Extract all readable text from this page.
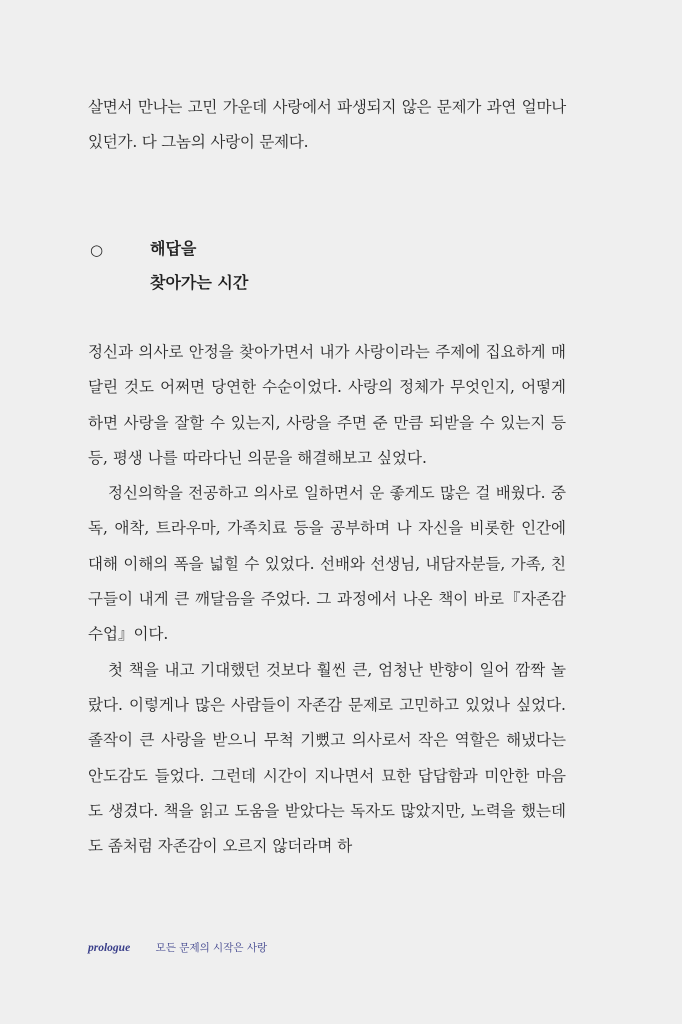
살면서 만나는 고민 가운데 사랑에서 파생되지 않은 문제가 과연 얼마나 있던가. 다 그놈의 사랑이 문제다.
○	해답을
찾아가는 시간

정신과 의사로 안정을 찾아가면서 내가 사랑이라는 주제에 집요하게 매달린 것도 어쩌면 당연한 수순이었다. 사랑의 정체가 무엇인지, 어떻게 하면 사랑을 잘할 수 있는지, 사랑을 주면 준 만큼 되받을 수 있는지 등등, 평생 나를 따라다닌 의문을 해결해보고 싶었다.

정신의학을 전공하고 의사로 일하면서 운 좋게도 많은 걸 배웠다. 중독, 애착, 트라우마, 가족치료 등을 공부하며 나 자신을 비롯한 인간에 대해 이해의 폭을 넓힐 수 있었다. 선배와 선생님, 내담자분들, 가족, 친구들이 내게 큰 깨달음을 주었다. 그 과정에서 나온 책이 바로『자존감 수업』이다.

첫 책을 내고 기대했던 것보다 훨씬 큰, 엄청난 반향이 일어 깜짝 놀랐다. 이렇게나 많은 사람들이 자존감 문제로 고민하고 있었나 싶었다. 졸작이 큰 사랑을 받으니 무척 기뻤고 의사로서 작은 역할은 해냈다는 안도감도 들었다. 그런데 시간이 지나면서 묘한 답답함과 미안한 마음도 생겼다. 책을 읽고 도움을 받았다는 독자도 많았지만, 노력을 했는데도 좀처럼 자존감이 오르지 않더라며 하

prologue 모든 문제의 시작은 사랑
